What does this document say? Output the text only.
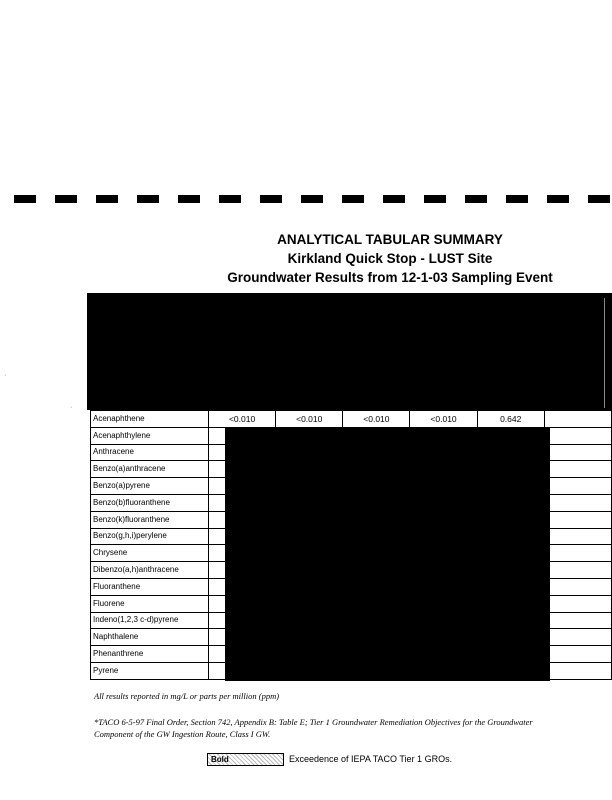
ANALYTICAL TABULAR SUMMARY
Kirkland Quick Stop - LUST Site
Groundwater Results from 12-1-03 Sampling Event
·
·
Acenaphthene	<0.010	<0.010	<0.010	<0.010	0.642	
Acenaphthylene						
Anthracene						
Benzo(a)anthracene						
Benzo(a)pyrene						
Benzo(b)fluoranthene						
Benzo(k)fluoranthene						
Benzo(g,h,i)perylene						
Chrysene						
Dibenzo(a,h)anthracene						
Fluoranthene						
Fluorene						
Indeno(1,2,3 c-d)pyrene						
Naphthalene						
Phenanthrene						
Pyrene						
All results reported in mg/L or parts per million (ppm)
*TACO 6-5-97 Final Order, Section 742, Appendix B: Table E; Tier 1 Groundwater Remediation Objectives for the Groundwater
Component of the GW Ingestion Route, Class I GW.
Bold	Exceedence of IEPA TACO Tier 1 GROs.
